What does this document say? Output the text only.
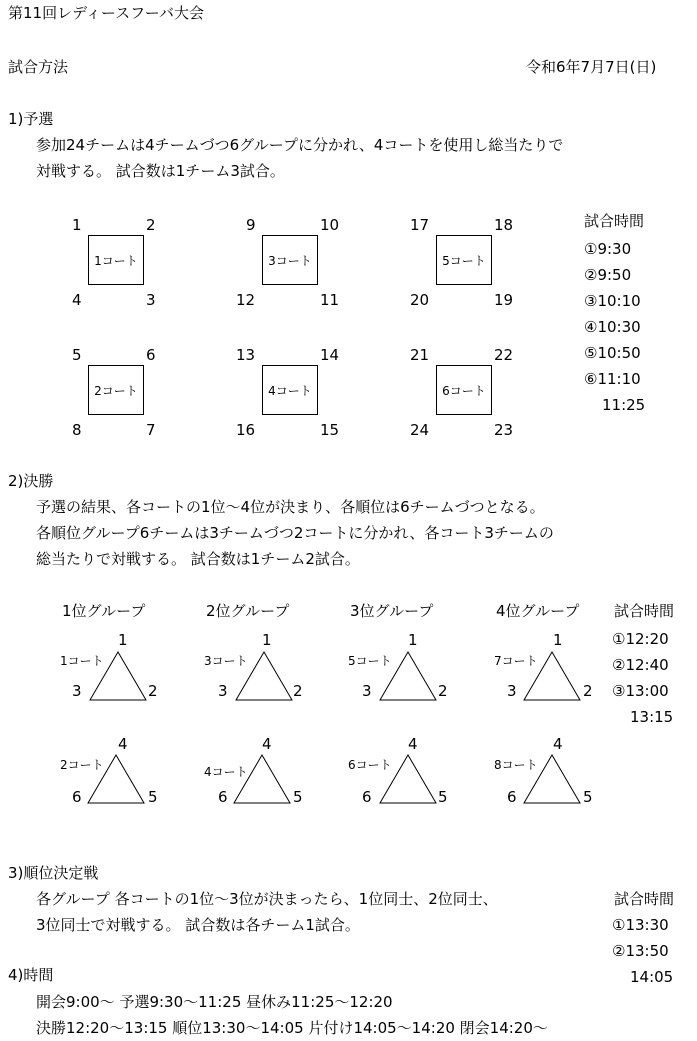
第11回レディースフーバ大会
試合方法	令和6年7月7日(日)
1)予選
参加24チームは4チームづつ6グループに分かれ、4コートを使用し総当たりで
対戦する。 試合数は1チーム3試合。
1	2
1コート
4	3
9	10
3コート
12	11
17	18
5コート
20	19
5	6
2コート
8	7
13	14
4コート
16	15
21	22
6コート
24	23
試合時間
①9:30
②9:50
③10:10
④10:30
⑤10:50
⑥11:10
11:25
2)決勝
予選の結果、各コートの1位～4位が決まり、各順位は6チームづつとなる。
各順位グループ6チームは3チームづつ2コートに分かれ、各コート3チームの
総当たりで対戦する。 試合数は1チーム2試合。
1位グループ
1
1コート
3	2
4
2コート
6	5
2位グループ
1
3コート
3	2
4
4コート
6	5
3位グループ
1
5コート
3	2
4
6コート
6	5
4位グループ
1
7コート
3	2
4
8コート
6	5
試合時間
①12:20
②12:40
③13:00
13:15
3)順位決定戦
各グループ 各コートの1位～3位が決まったら、1位同士、2位同士、
3位同士で対戦する。 試合数は各チーム1試合。
試合時間
①13:30
②13:50
14:05
4)時間
開会9:00～ 予選9:30～11:25 昼休み11:25～12:20
決勝12:20～13:15 順位13:30～14:05 片付け14:05～14:20 閉会14:20～
